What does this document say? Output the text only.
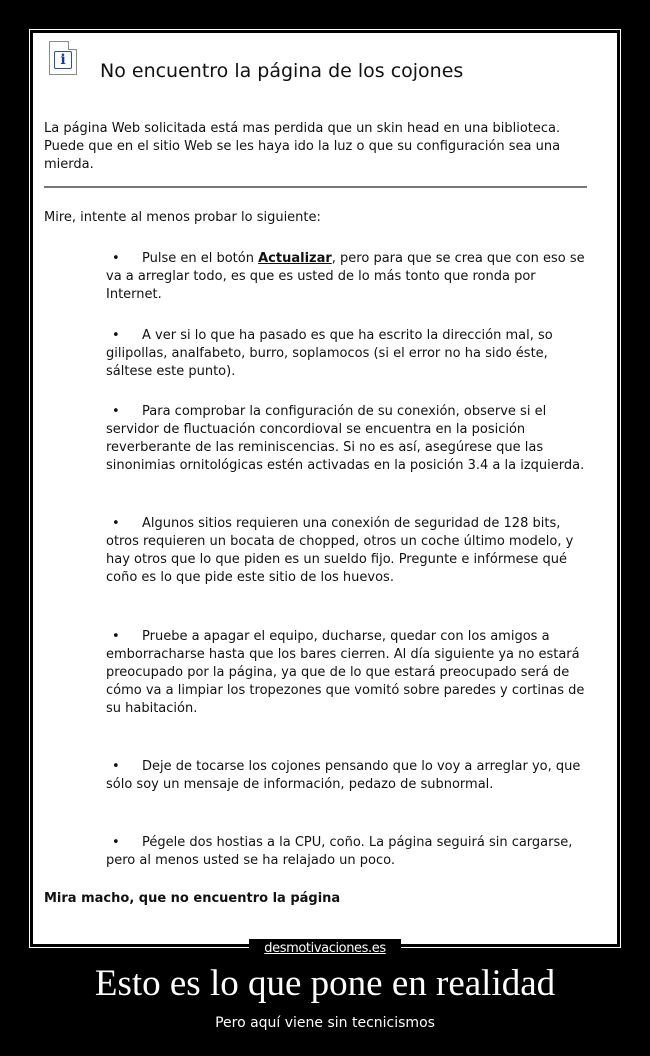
i	No encuentro la página de los cojones

La página Web solicitada está mas perdida que un skin head en una biblioteca. Puede que en el sitio Web se les haya ido la luz o que su configuración sea una mierda.

Mire, intente al menos probar lo siguiente:

• Pulse en el botón Actualizar, pero para que se crea que con eso se va a arreglar todo, es que es usted de lo más tonto que ronda por Internet.

• A ver si lo que ha pasado es que ha escrito la dirección mal, so gilipollas, analfabeto, burro, soplamocos (si el error no ha sido éste, sáltese este punto).

• Para comprobar la configuración de su conexión, observe si el servidor de fluctuación concordioval se encuentra en la posición reverberante de las reminiscencias. Si no es así, asegúrese que las sinonimias ornitológicas estén activadas en la posición 3.4 a la izquierda.

• Algunos sitios requieren una conexión de seguridad de 128 bits, otros requieren un bocata de chopped, otros un coche último modelo, y hay otros que lo que piden es un sueldo fijo. Pregunte e infórmese qué coño es lo que pide este sitio de los huevos.

• Pruebe a apagar el equipo, ducharse, quedar con los amigos a emborracharse hasta que los bares cierren. Al día siguiente ya no estará preocupado por la página, ya que de lo que estará preocupado será de cómo va a limpiar los tropezones que vomitó sobre paredes y cortinas de su habitación.

• Deje de tocarse los cojones pensando que lo voy a arreglar yo, que sólo soy un mensaje de información, pedazo de subnormal.

• Pégele dos hostias a la CPU, coño. La página seguirá sin cargarse, pero al menos usted se ha relajado un poco.

Mira macho, que no encuentro la página

desmotivaciones.es
Esto es lo que pone en realidad

Pero aquí viene sin tecnicismos
